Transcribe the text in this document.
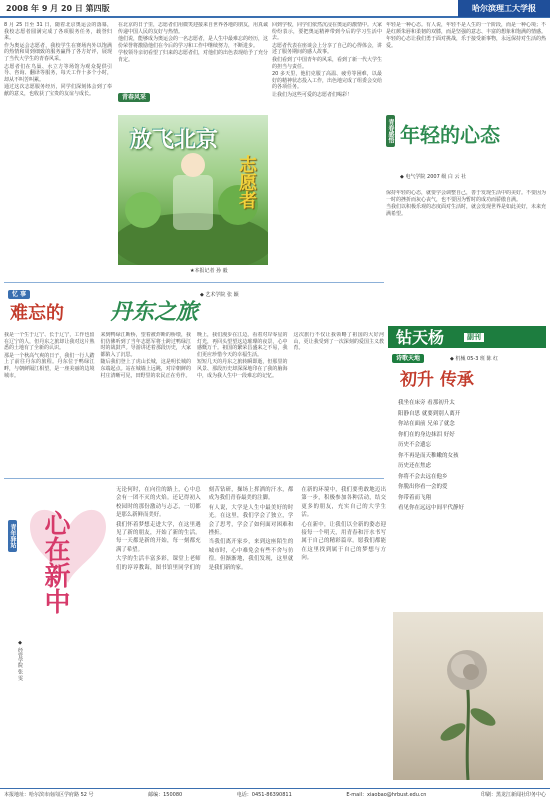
2008 年 9 月 20 日 第四版	哈尔滨理工大学报

8 月 25 日至 31 日，随着北京奥运会的落幕，我校志愿者圆满完成了各项服务任务，载誉归来。

作为奥运会志愿者，我校学生在赛场内外以饱满的热情和周到细致的服务赢得了各方好评，展现了当代大学生的青春风采。

志愿者们在鸟巢、水立方等场馆为观众提供引导、咨询、翻译等服务，每天工作十多个小时，却从不叫苦叫累。

通过这次志愿服务经历，同学们深刻体会到了奉献的意义，也收获了宝贵的友谊与成长。

在北京的日子里，志愿者们用微笑迎接来自世界各地的朋友，用真诚传递中国人民的友好与热情。

他们说，能够成为奥运会的一名志愿者，是人生中最难忘的经历，这份荣誉将激励他们在今后的学习和工作中继续努力，不断进步。

学校领导亲切看望了归来的志愿者们，对他们的出色表现给予了充分肯定。

回到学校，同学们依然沉浸在奥运的激情中。大家纷纷表示，要把奥运精神带到今后的学习生活中去。

志愿者代表在座谈会上分享了自己的心得体会，讲述了服务期间的感人故事。

我们看到了中国青年的风采，看到了新一代大学生的担当与责任。

20 多天里，他们克服了高温、疲劳等困难，以最好的精神状态投入工作，出色地完成了组委会交给的各项任务。

让我们为这些可爱的志愿者们喝彩！

放飞北京
志愿者
青春风采
★本报记者 孙 毅

年轻是一种心态。有人说，年轻不是人生的一个阶段，而是一种心境；不是红颜朱唇和柔韧的双膝，而是坚强的意志、丰富的想象和饱满的情感。

年轻的心态让我们勇于面对挑战，乐于接受新事物，永远保持对生活的热爱。

青春感悟 年轻的心态
◆ 电气学院 2007 级 白 云 社

保持年轻的心态，就要学会调整自己，善于发现生活中的美好。不要因为一时的挫折而灰心丧气，也不要因为暂时的成功而骄傲自满。

当我们以积极乐观的态度面对生活时，就会发现世界是如此美好，未来充满希望。

忆 事
难忘的 丹东之旅
◆ 艺术学院 张 颖

我是一个生于辽宁、长于辽宁，工作也留在辽宁的人，但丹东之旅却让我对这片熟悉的土地有了全新的认识。

那是一个秋高气爽的日子，我们一行人踏上了前往丹东的旅程。丹东位于鸭绿江畔，与朝鲜隔江相望，是一座美丽的边境城市。

来到鸭绿江断桥，望着被炸断的桥墩，我们仿佛听到了当年志愿军将士跨过鸭绿江时的战鼓声。导游讲述着那段历史，大家都陷入了沉思。

随后我们登上了虎山长城，这是明长城的东端起点。站在城墙上远眺，对岸朝鲜的村庄清晰可见，田野里的农民正在劳作。

晚上，我们漫步在江边，看着对岸零星的灯光，再回头望望这边璀璨的夜景，心中感慨万千。祖国的繁荣昌盛来之不易，我们更应珍惜今天的幸福生活。

短短几天的丹东之旅转瞬即逝，但那里的风景、那段历史却深深地印在了我的脑海中，成为我人生中一段难忘的记忆。

这次旅行不仅让我领略了祖国的大好河山，更让我受到了一次深刻的爱国主义教育。

钻天杨	副刊
诗歌天地	◆ 机械 05-3 班 陈 红
初升 传承
我坐在床旁 看那初升太
阳静自思 就要到别人离开
你站在面前 兄弟了就念
你们在的身边抹泪 好好
历史不会遗忘
你不再是而天稚嫩的女孩
历史还在焦虑
你将不会去远在他乡
你脱出你看一会的爱
你带着而飞翔
看见你在远远中间平代静好
青年驿站 心在新中
◆ 经管学院 张 雯

无论何时，在向往的路上，心中总会有一团不灭的火焰。还记得初入校园时的那份激动与忐忑，一切都是那么新鲜而美好。

我们怀着梦想走进大学，在这里遇见了新的朋友，开始了新的生活。每一天都是新的开始，每一刻都充满了希望。

大学的生活丰富多彩，课堂上老师们的谆谆教诲，图书馆里同学们的刻苦钻研，操场上挥洒的汗水，都成为我们青春最美的注脚。

有人说，大学是人生中最美好的时光。在这里，我们学会了独立，学会了思考，学会了如何面对困难和挫折。

当我们离开家乡，来到这座陌生的城市时，心中难免会有些不舍与彷徨。但渐渐地，我们发现，这里就是我们新的家。

在新的环境中，我们要勇敢地迈出第一步，积极参加各种活动，结交更多的朋友，充实自己的大学生活。

心在新中，让我们以全新的姿态迎接每一个明天，用青春和汗水书写属于自己的精彩篇章。愿我们都能在这里找到属于自己的梦想与方向。

本报地址：哈尔滨市南岗区学府路 52 号	邮编：150080	电话：0451-86390811	E-mail：xiaobao@hrbust.edu.cn	印刷：黑龙江新闻社印务中心
